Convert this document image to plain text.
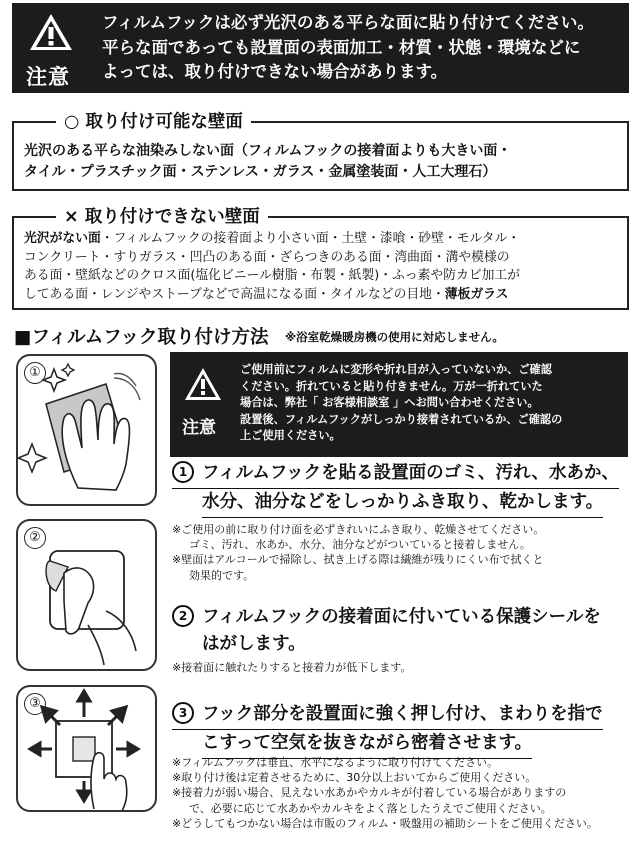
注意
フィルムフックは必ず光沢のある平らな面に貼り付けてください。
平らな面であっても設置面の表面加工・材質・状態・環境などに
よっては、取り付けできない場合があります。
○ 取り付け可能な壁面
光沢のある平らな油染みしない面（フィルムフックの接着面よりも大きい面・
タイル・プラスチック面・ステンレス・ガラス・金属塗装面・人工大理石）
× 取り付けできない壁面
光沢がない面・フィルムフックの接着面より小さい面・土壁・漆喰・砂壁・モルタル・
コンクリート・すりガラス・凹凸のある面・ざらつきのある面・湾曲面・溝や模様の
ある面・壁紙などのクロス面(塩化ビニール樹脂・布製・紙製)・ふっ素や防カビ加工が
してある面・レンジやストーブなどで高温になる面・タイルなどの目地・薄板ガラス
■フィルムフック取り付け方法 ※浴室乾燥暖房機の使用に対応しません。
①
②
③
注意
ご使用前にフィルムに変形や折れ目が入っていないか、ご確認
ください。折れていると貼り付きません。万が一折れていた
場合は、弊社「 お客様相談室 」へお問い合わせください。
設置後、フィルムフックがしっかり接着されているか、ご確認の
上ご使用ください。
1 フィルムフックを貼る設置面のゴミ、汚れ、水あか、
水分、油分などをしっかりふき取り、乾かします。
※ご使用の前に取り付け面を必ずきれいにふき取り、乾燥させてください。
ゴミ、汚れ、水あか、水分、油分などがついていると接着しません。
※壁面はアルコールで掃除し、拭き上げる際は繊維が残りにくい布で拭くと
効果的です。
2 フィルムフックの接着面に付いている保護シールを
はがします。
※接着面に触れたりすると接着力が低下します。
3 フック部分を設置面に強く押し付け、まわりを指で
こすって空気を抜きながら密着させます。
※フィルムフックは垂直、水平になるように取り付けてください。
※取り付け後は定着させるために、30分以上おいてからご使用ください。
※接着力が弱い場合、見えない水あかやカルキが付着している場合がありますの
で、必要に応じて水あかやカルキをよく落としたうえでご使用ください。
※どうしてもつかない場合は市販のフィルム・吸盤用の補助シートをご使用ください。
